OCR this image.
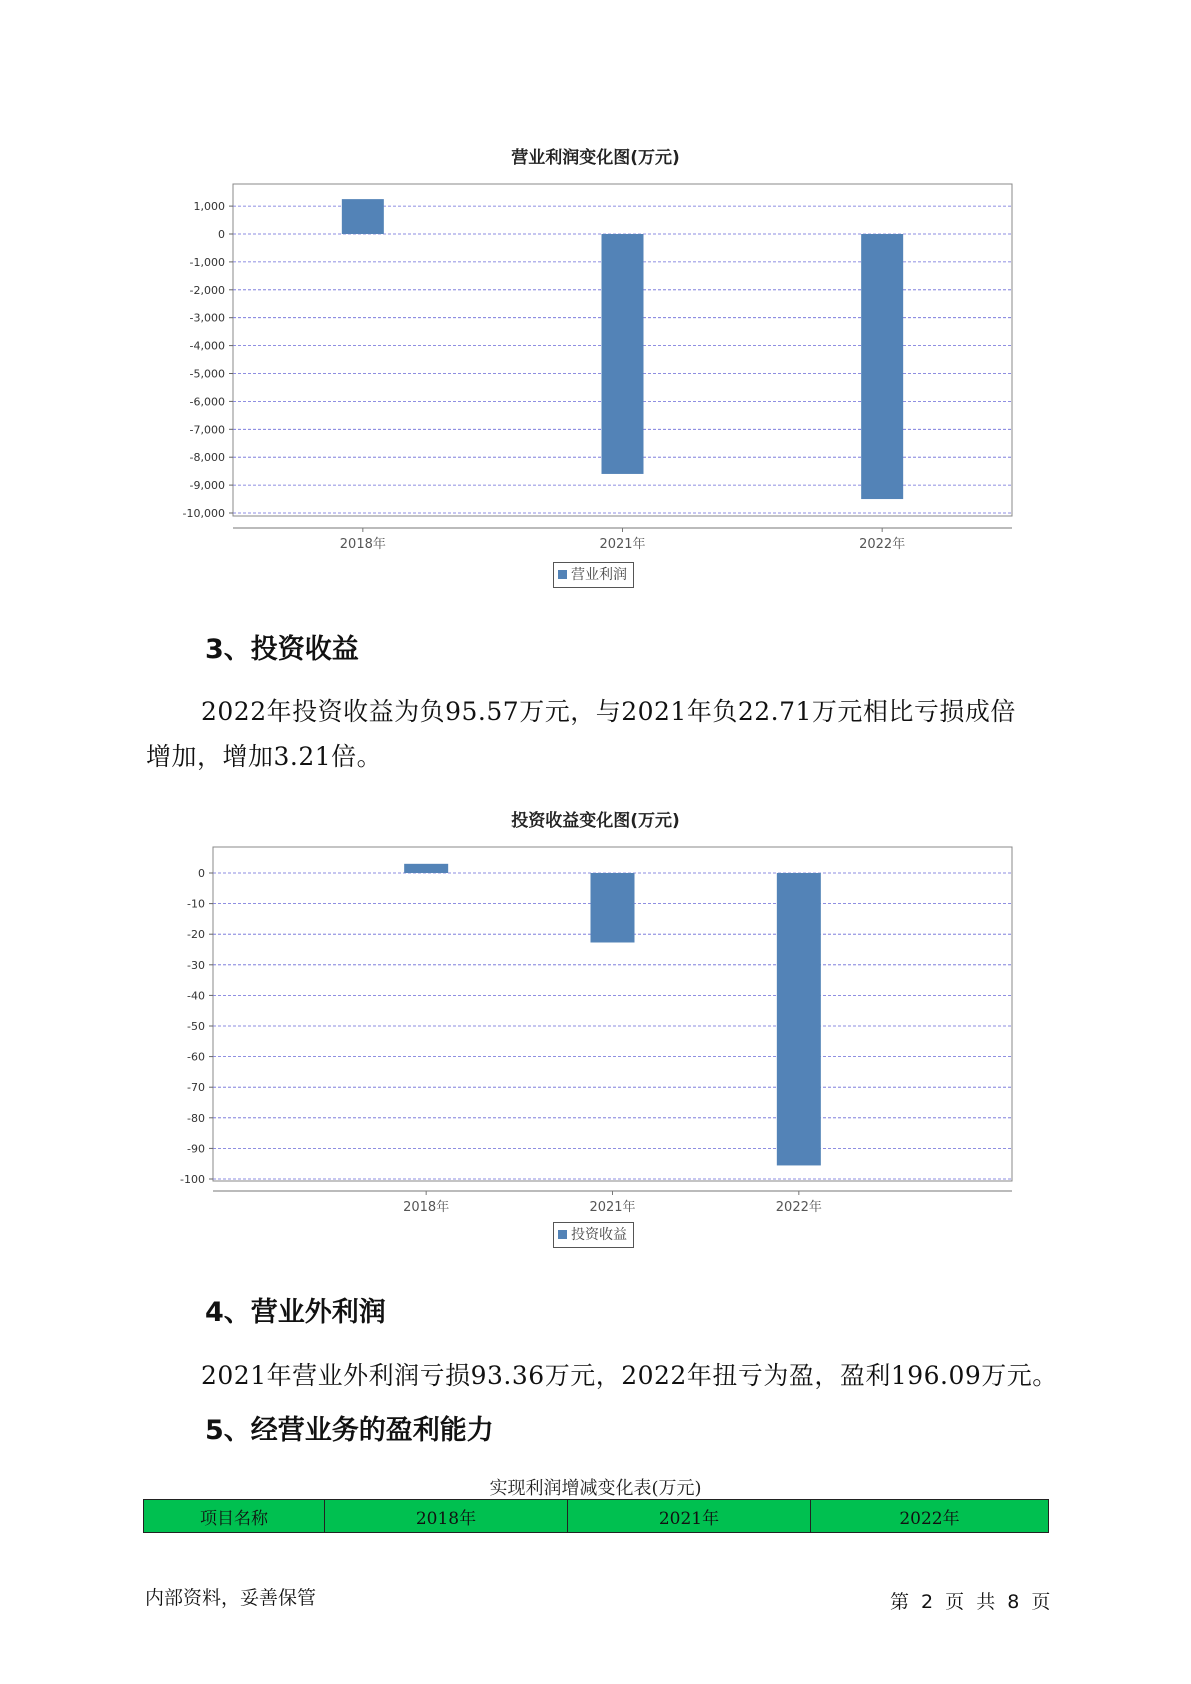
营业利润变化图(万元)
1,000
0
-1,000
-2,000
-3,000
-4,000
-5,000
-6,000
-7,000
-8,000
-9,000
-10,000
2018年	2021年	2022年
营业利润
3、投资收益
2022年投资收益为负95.57万元，与2021年负22.71万元相比亏损成倍
增加，增加3.21倍。
投资收益变化图(万元)
0
-10
-20
-30
-40
-50
-60
-70
-80
-90
-100
2018年	2021年	2022年
投资收益
4、营业外利润
2021年营业外利润亏损93.36万元，2022年扭亏为盈，盈利196.09万元。
5、经营业务的盈利能力
实现利润增减变化表(万元)
项目名称	2018年	2021年	2022年
内部资料，妥善保管	第 2 页 共 8 页
